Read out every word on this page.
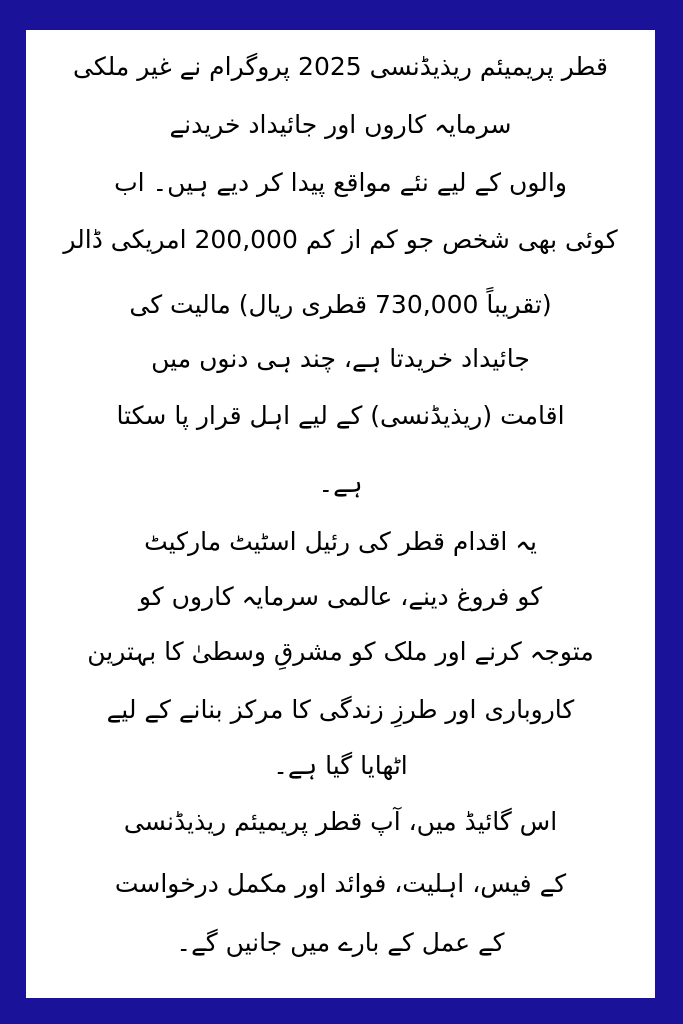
قطر پریمیئم ریذیڈنسی 2025 پروگرام نے غیر ملکی
سرمایہ کاروں اور جائیداد خریدنے
والوں کے لیے نئے مواقع پیدا کر دیے ہیں۔ اب
کوئی بھی شخص جو کم از کم 200,000 امریکی ڈالر
(تقریباً 730,000 قطری ریال) مالیت کی
جائیداد خریدتا ہے، چند ہی دنوں میں
اقامت (ریذیڈنسی) کے لیے اہل قرار پا سکتا
ہے۔
یہ اقدام قطر کی رئیل اسٹیٹ مارکیٹ
کو فروغ دینے، عالمی سرمایہ کاروں کو
متوجہ کرنے اور ملک کو مشرقِ وسطیٰ کا بہترین
کاروباری اور طرزِ زندگی کا مرکز بنانے کے لیے
اٹھایا گیا ہے۔
اس گائیڈ میں، آپ قطر پریمیئم ریذیڈنسی
کے فیس، اہلیت، فوائد اور مکمل درخواست
کے عمل کے بارے میں جانیں گے۔
